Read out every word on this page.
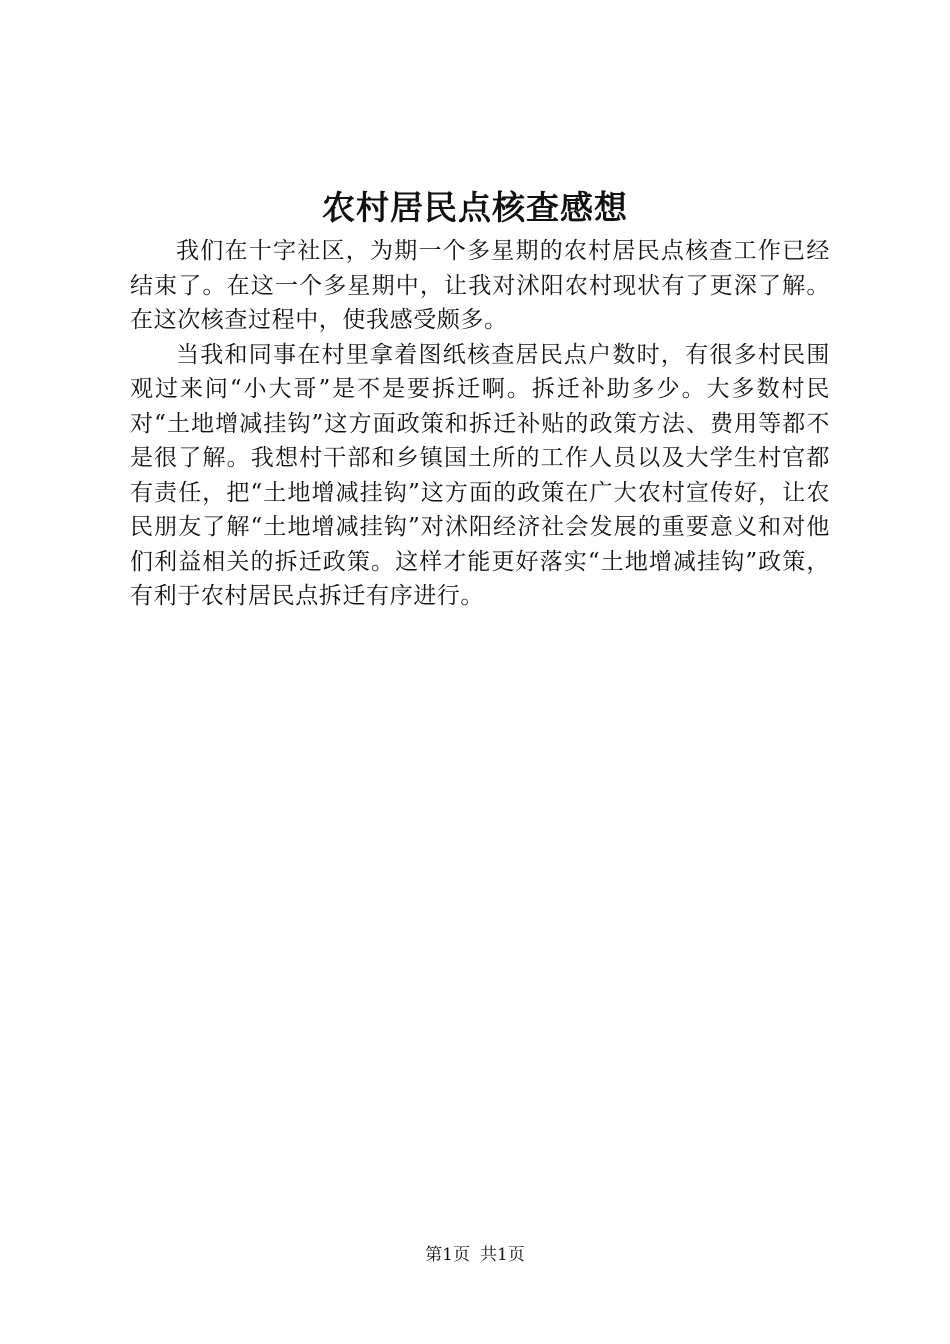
农村居民点核查感想

我们在十字社区，为期一个多星期的农村居民点核查工作已经结束了。在这一个多星期中，让我对沭阳农村现状有了更深了解。在这次核查过程中，使我感受颇多。

当我和同事在村里拿着图纸核查居民点户数时，有很多村民围观过来问“小大哥”是不是要拆迁啊。拆迁补助多少。大多数村民对“土地增减挂钩”这方面政策和拆迁补贴的政策方法、费用等都不是很了解。我想村干部和乡镇国土所的工作人员以及大学生村官都有责任，把“土地增减挂钩”这方面的政策在广大农村宣传好，让农民朋友了解“土地增减挂钩”对沭阳经济社会发展的重要意义和对他们利益相关的拆迁政策。这样才能更好落实“土地增减挂钩”政策，有利于农村居民点拆迁有序进行。

第1页 共1页
